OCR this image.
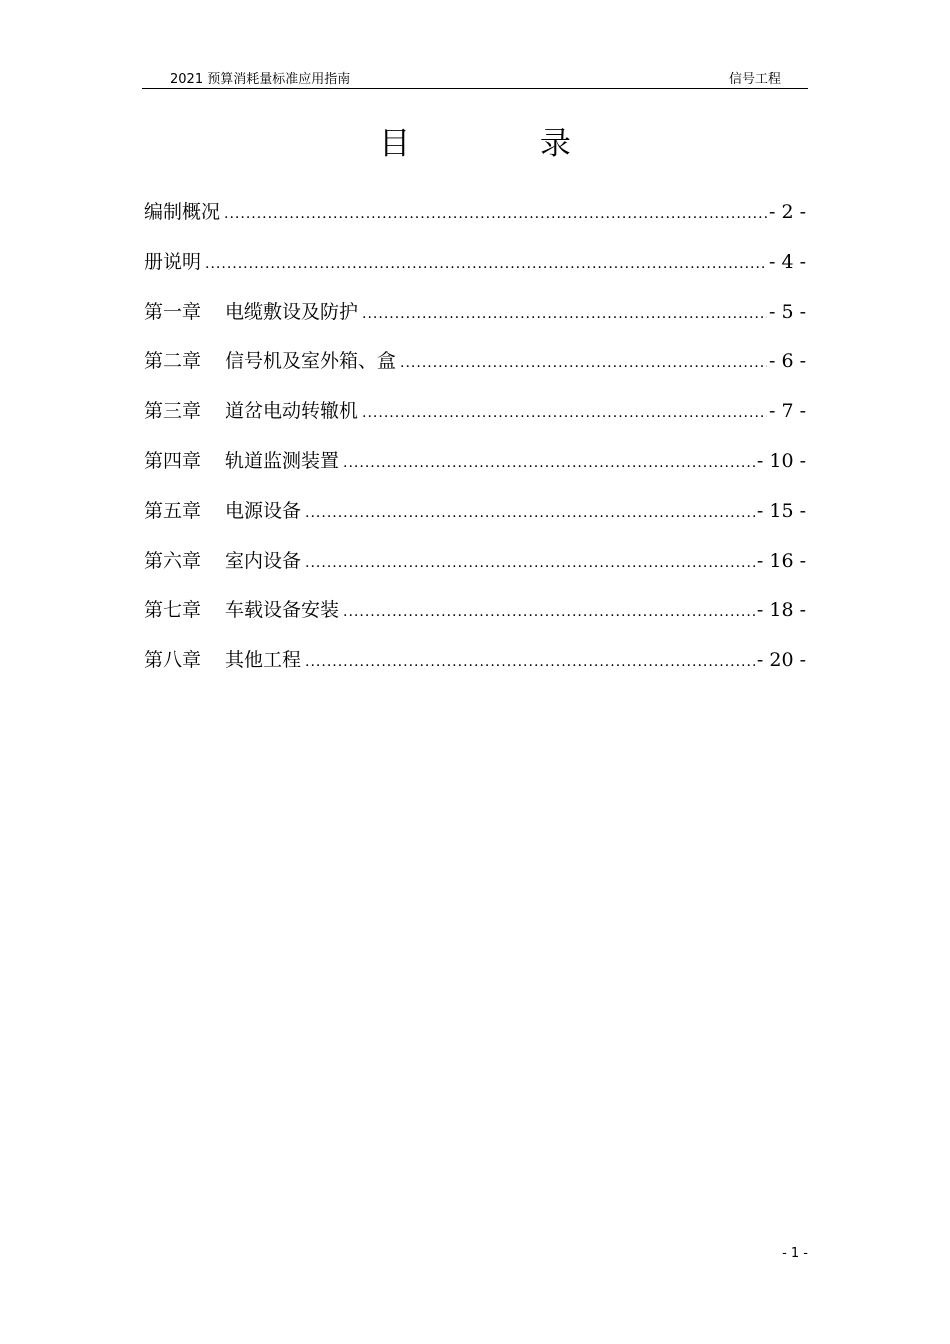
2021 预算消耗量标准应用指南	信号工程
目 录
编制概况 .....	- 2 -
册说明 .....	- 4 -
第一章 电缆敷设及防护 .....	- 5 -
第二章 信号机及室外箱、盒 .....	- 6 -
第三章 道岔电动转辙机 .....	- 7 -
第四章 轨道监测装置 .....	- 10 -
第五章 电源设备 .....	- 15 -
第六章 室内设备 .....	- 16 -
第七章 车载设备安装 .....	- 18 -
第八章 其他工程 .....	- 20 -
- 1 -
